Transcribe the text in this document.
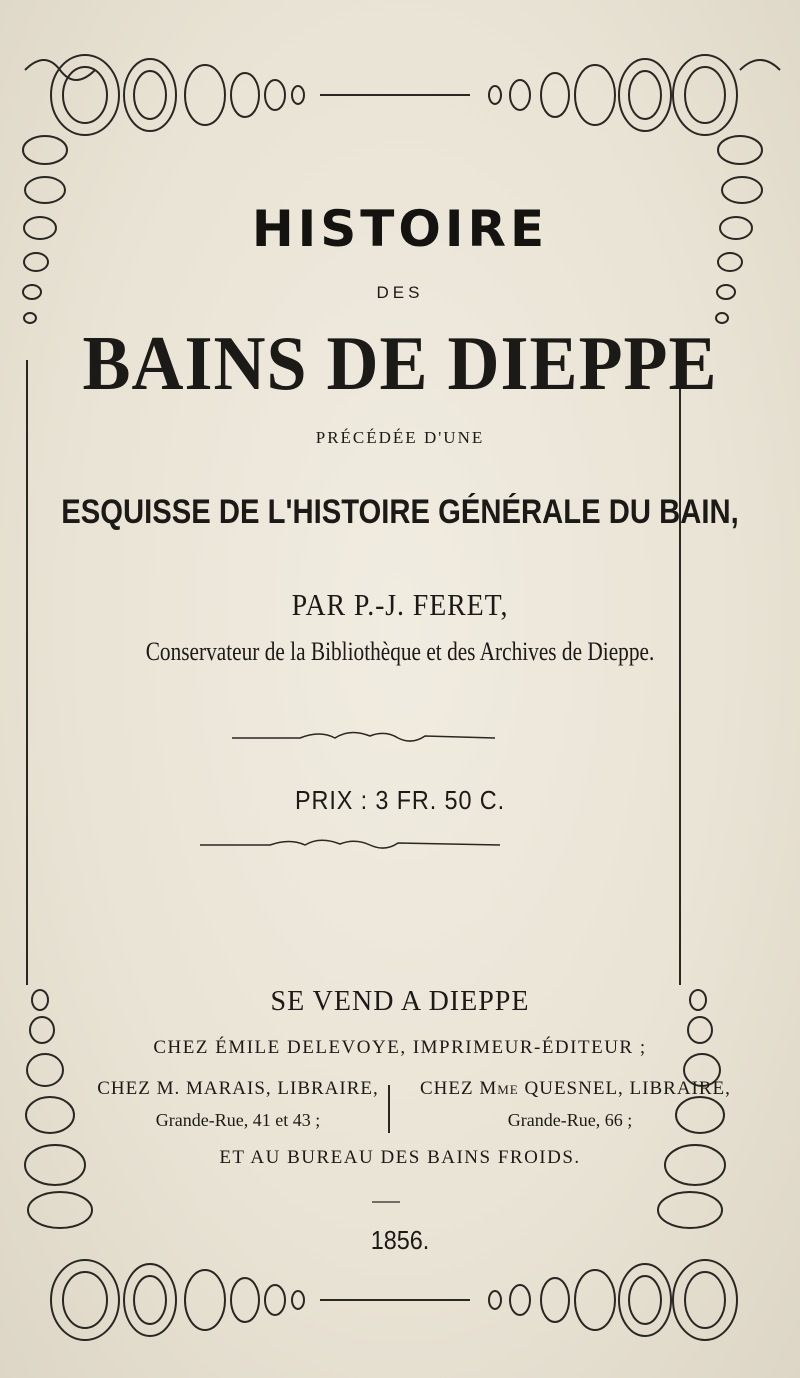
HISTOIRE
DES
BAINS DE DIEPPE
PRÉCÉDÉE D'UNE
ESQUISSE DE L'HISTOIRE GÉNÉRALE DU BAIN,
PAR P.-J. FERET,
Conservateur de la Bibliothèque et des Archives de Dieppe.
PRIX : 3 FR. 50 C.
SE VEND A DIEPPE
CHEZ ÉMILE DELEVOYE, IMPRIMEUR-ÉDITEUR ;
CHEZ M. MARAIS, LIBRAIRE,
Grande-Rue, 41 et 43 ;
CHEZ Mme QUESNEL, LIBRAIRE,
Grande-Rue, 66 ;
ET AU BUREAU DES BAINS FROIDS.
1856.
